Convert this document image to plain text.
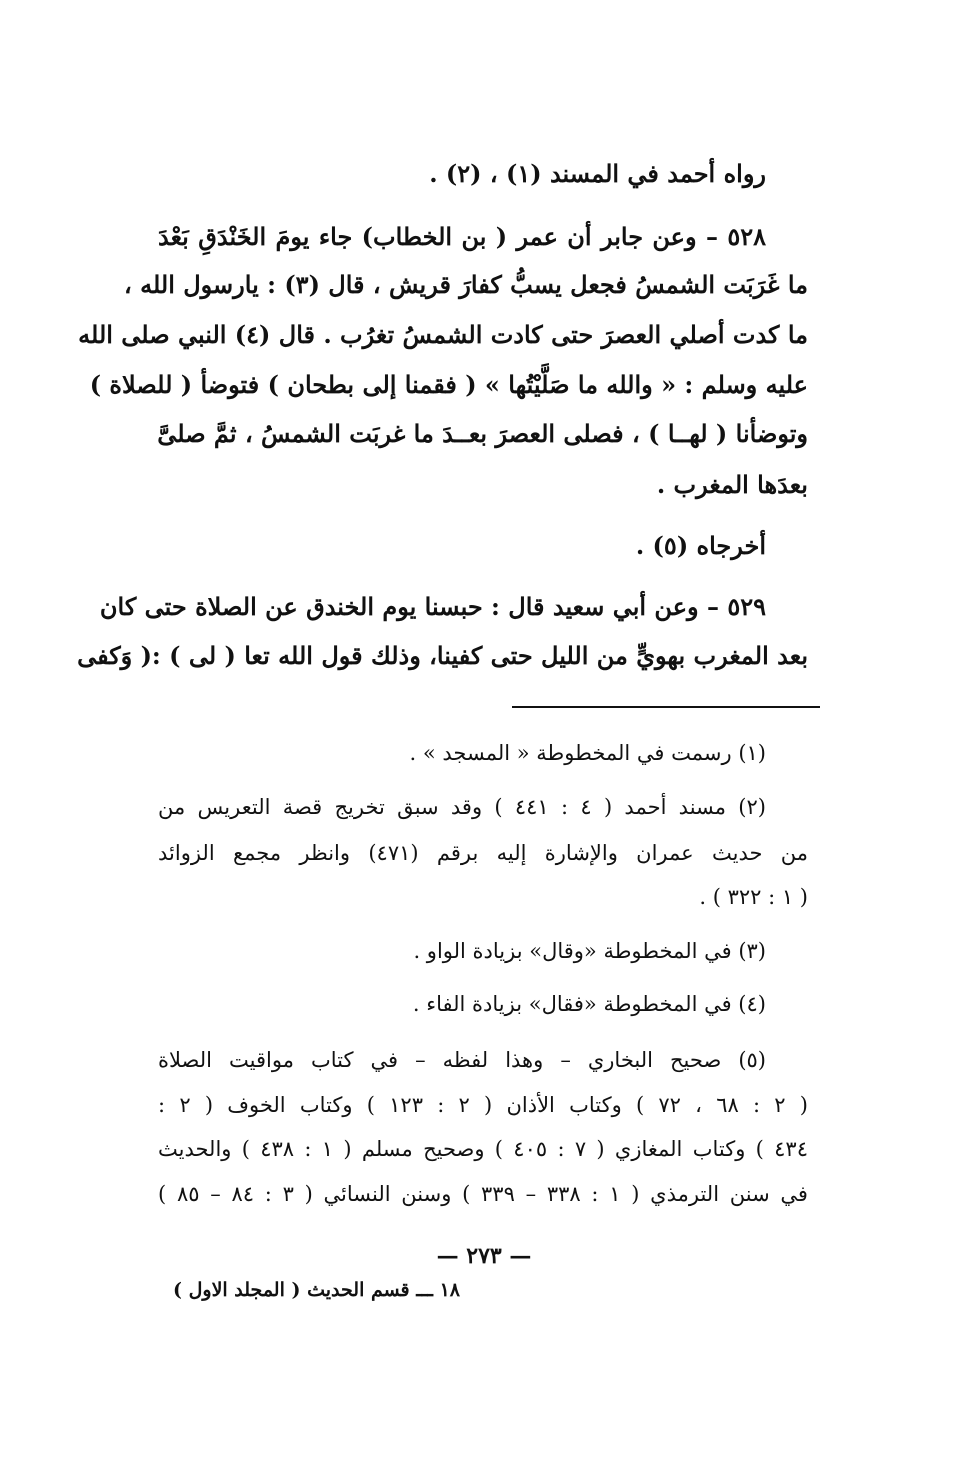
رواه أحمد في المسند (١) ، (٢) .
٥٢٨ – وعن جابر أن عمر ( بن الخطاب) جاء يومَ الخَنْدَقِ بَعْدَ
ما غَرَبَت الشمسُ فجعل يسبُّ كفارَ قريش ، قال (٣) : يارسول الله ،
ما كدت أصلي العصرَ حتى كادت الشمسُ تغرُب . قال (٤) النبي صلى الله
عليه وسلم : « والله ما صَلَّيْتُها » ( فقمنا إلى بطحان ) فتوضأ ( للصلاة )
وتوضأنا ( لهــا ) ، فصلى العصرَ بعــدَ ما غربَت الشمسُ ، ثمَّ صلىَّ
بعدَها المغرب .
أخرجاه (٥) .
٥٢٩ – وعن أبي سعيد قال : حبسنا يوم الخندق عن الصلاة حتى كان
بعد المغرب بهويٍّ من الليل حتى كفينا، وذلك قول الله تعا ( لى ) :( وَكفى
(١) رسمت في المخطوطة « المسجد » .
(٢) مسند أحمد ( ٤ : ٤٤١ ) وقد سبق تخريج قصة التعريس من
من حديث عمران والإشارة إليه برقم (٤٧١) وانظر مجمع الزوائد
( ١ : ٣٢٢ ) .
(٣) في المخطوطة «وقال» بزيادة الواو .
(٤) في المخطوطة «فقال» بزيادة الفاء .
(٥) صحيح البخاري – وهذا لفظه – في كتاب مواقيت الصلاة
( ٢ : ٦٨ ، ٧٢ ) وكتاب الأذان ( ٢ : ١٢٣ ) وكتاب الخوف ( ٢ :
٤٣٤ ) وكتاب المغازي ( ٧ : ٤٠٥ ) وصحيح مسلم ( ١ : ٤٣٨ ) والحديث
في سنن الترمذي ( ١ : ٣٣٨ – ٣٣٩ ) وسنن النسائي ( ٣ : ٨٤ – ٨٥ )
— ٢٧٣ —
١٨ ـــ قسم الحديث ( المجلد الاول )
